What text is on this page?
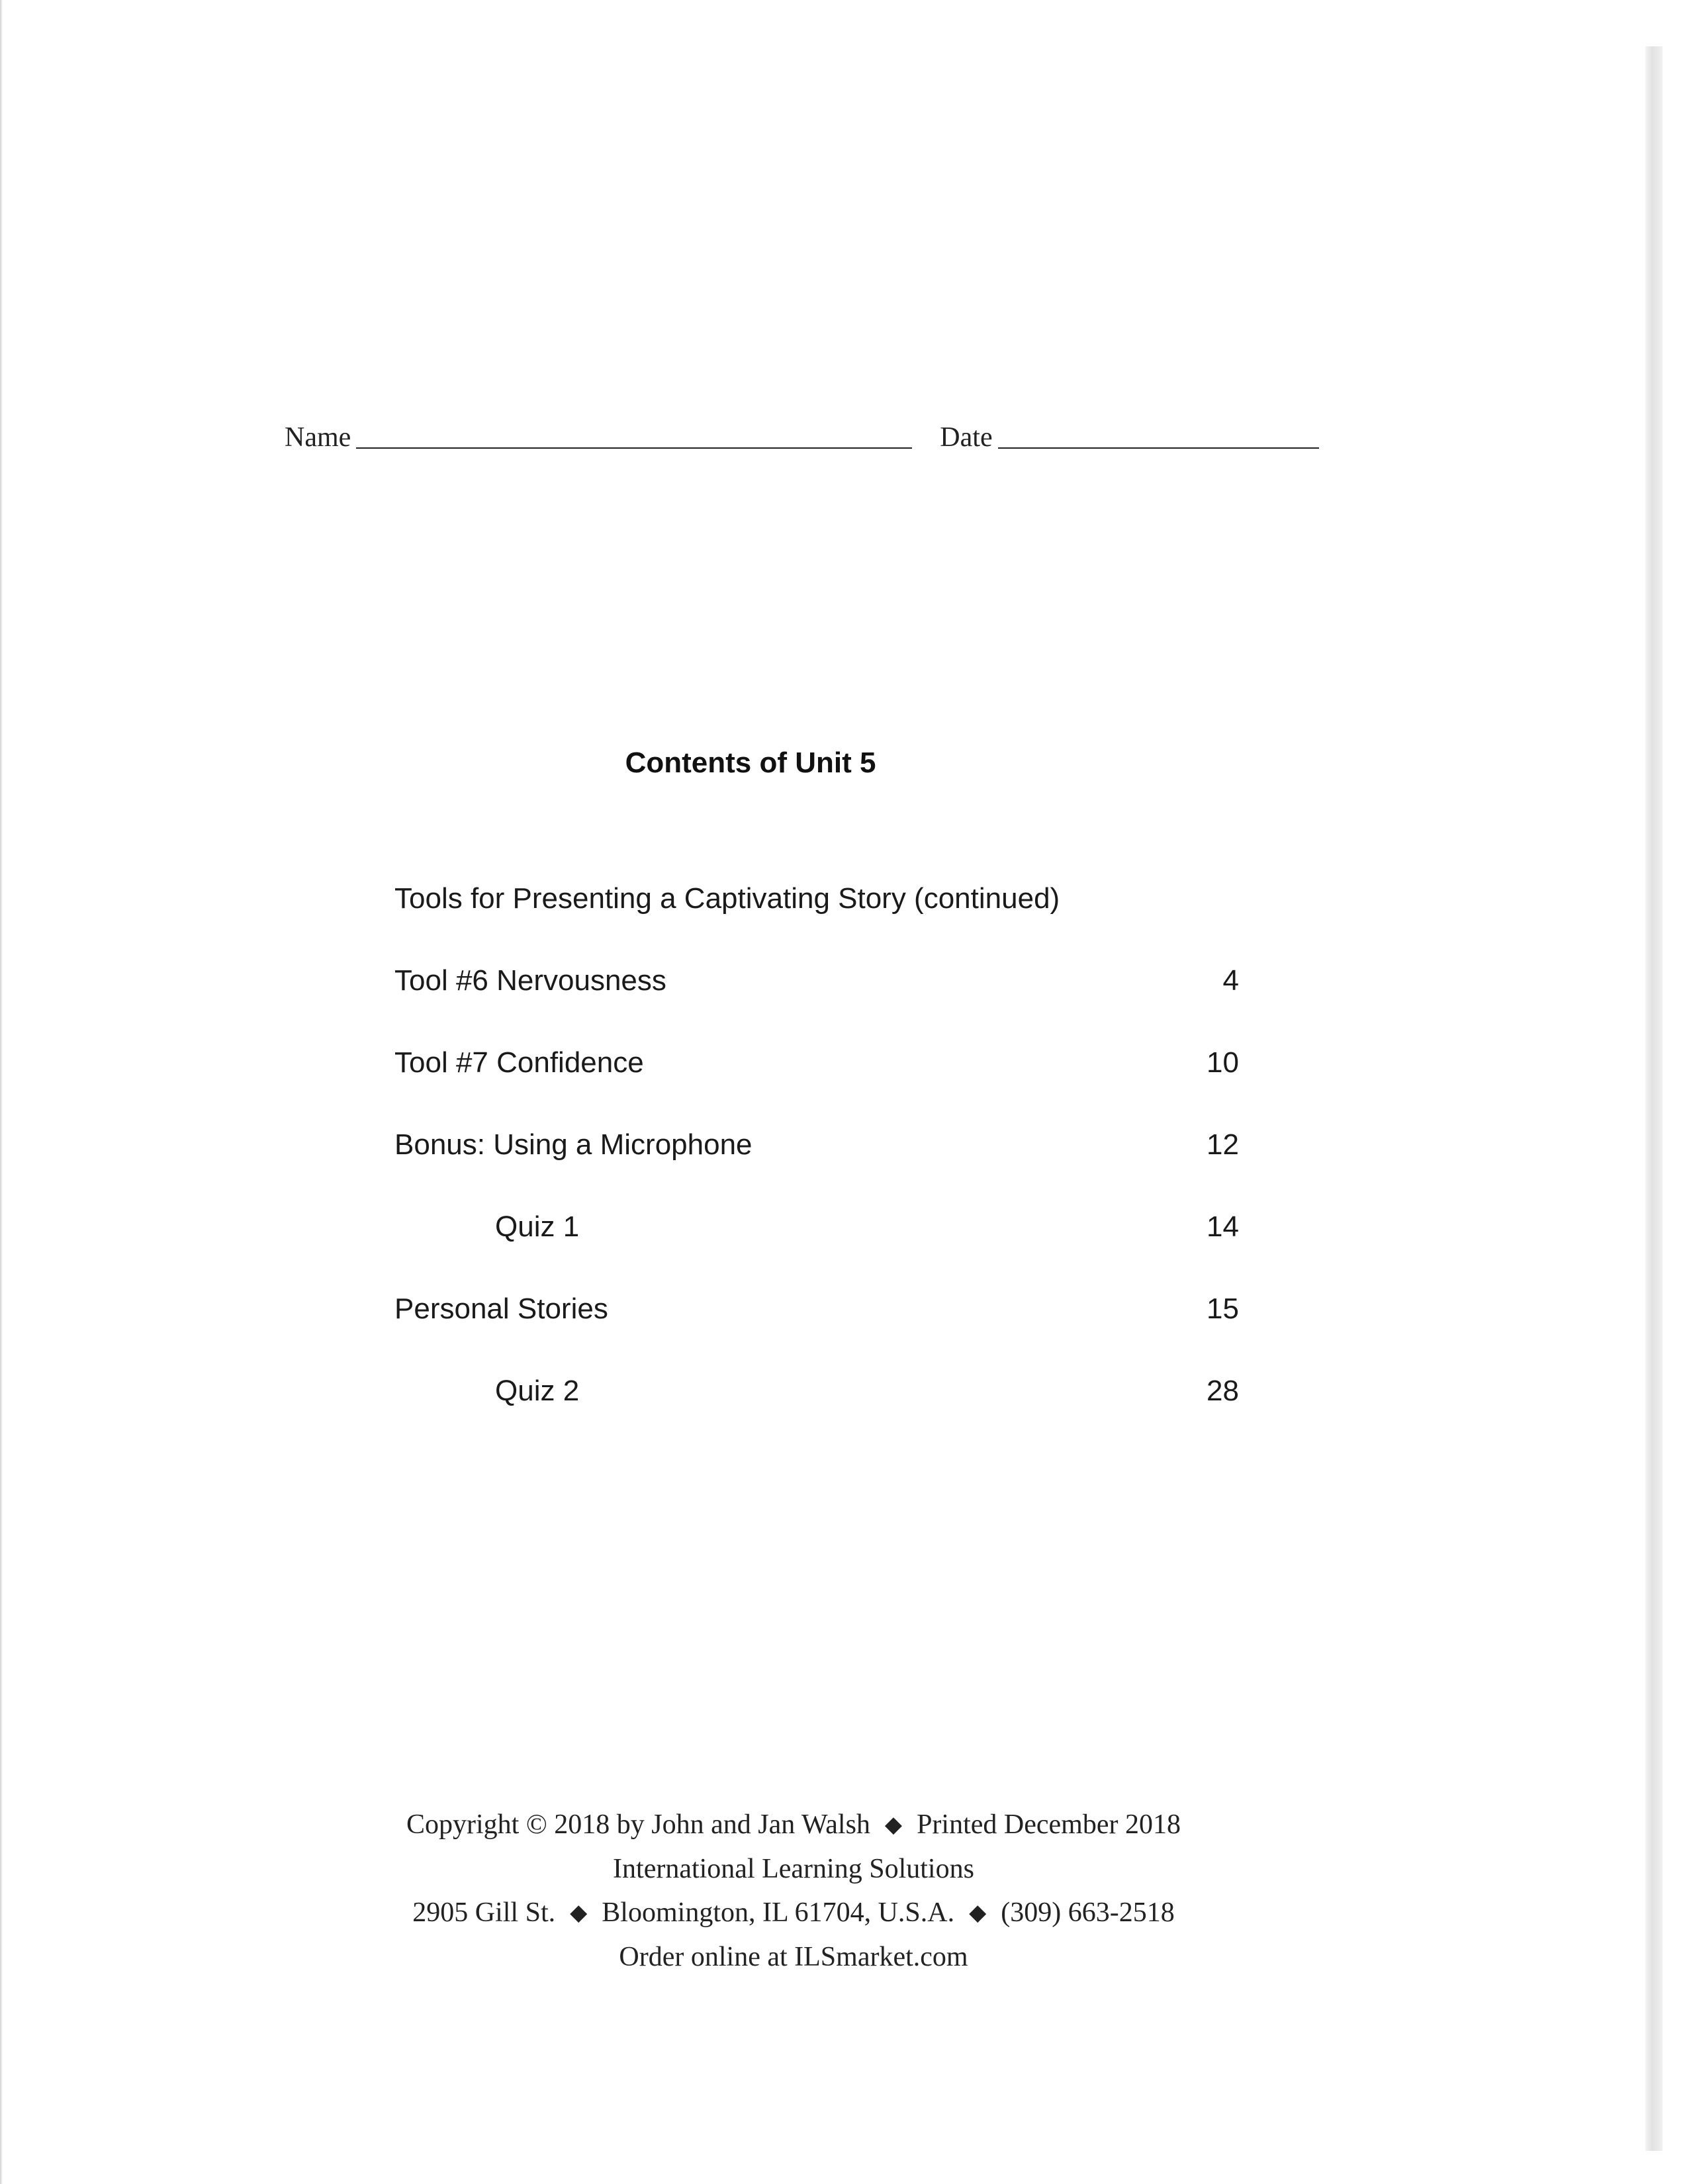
Name	Date
Contents of Unit 5
Tools for Presenting a Captivating Story (continued)
Tool #6 Nervousness	4
Tool #7 Confidence	10
Bonus: Using a Microphone	12
Quiz 1	14
Personal Stories	15
Quiz 2	28
Copyright © 2018 by John and Jan Walsh ◆ Printed December 2018
International Learning Solutions
2905 Gill St. ◆ Bloomington, IL 61704, U.S.A. ◆ (309) 663-2518
Order online at ILSmarket.com
